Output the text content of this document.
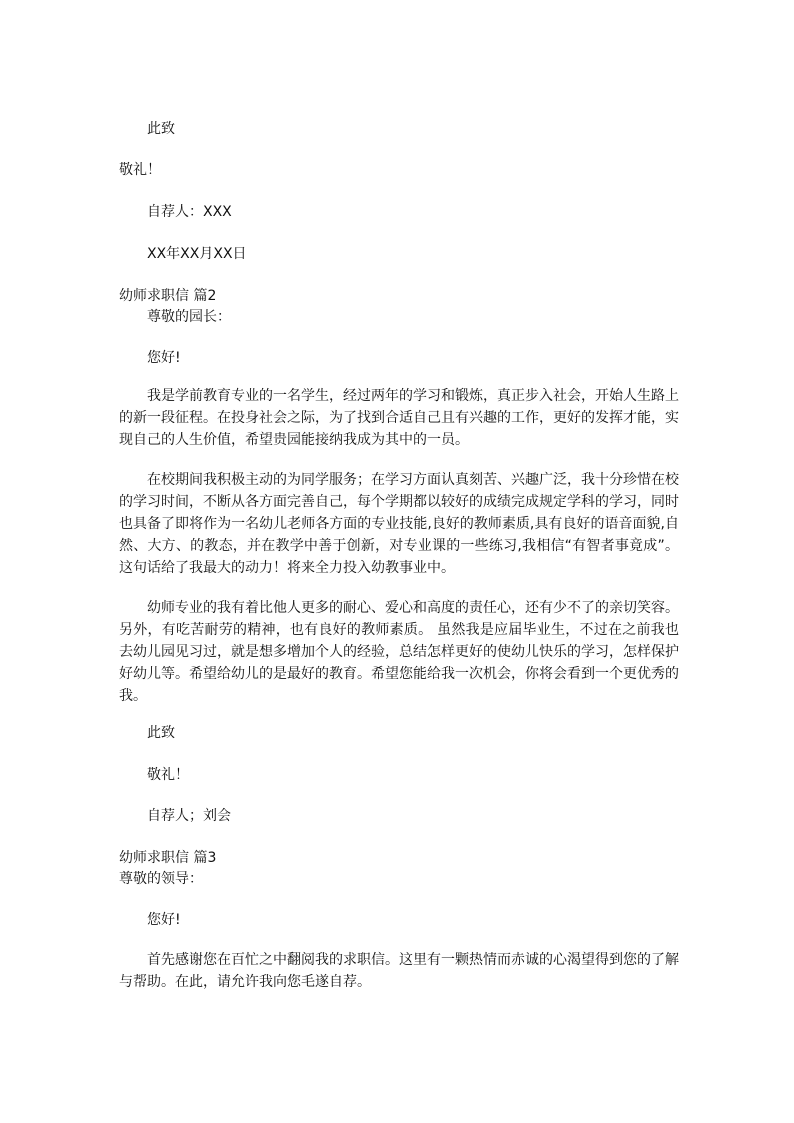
此致
敬礼！
自荐人：XXX
XX年XX月XX日
幼师求职信 篇2
尊敬的园长：
您好!
我是学前教育专业的一名学生，经过两年的学习和锻炼，真正步入社会，开始人生路上的新一段征程。在投身社会之际，为了找到合适自己且有兴趣的工作，更好的发挥才能，实现自己的人生价值，希望贵园能接纳我成为其中的一员。
在校期间我积极主动的为同学服务；在学习方面认真刻苦、兴趣广泛，我十分珍惜在校的学习时间，不断从各方面完善自己，每个学期都以较好的成绩完成规定学科的学习，同时也具备了即将作为一名幼儿老师各方面的专业技能,良好的教师素质,具有良好的语音面貌,自然、大方、的教态，并在教学中善于创新，对专业课的一些练习,我相信“有智者事竟成”。这句话给了我最大的动力！将来全力投入幼教事业中。
幼师专业的我有着比他人更多的耐心、爱心和高度的责任心，还有少不了的亲切笑容。另外，有吃苦耐劳的精神，也有良好的教师素质。 虽然我是应届毕业生，不过在之前我也去幼儿园见习过，就是想多增加个人的经验，总结怎样更好的使幼儿快乐的学习，怎样保护好幼儿等。希望给幼儿的是最好的教育。希望您能给我一次机会，你将会看到一个更优秀的我。
此致
敬礼！
自荐人；刘会
幼师求职信 篇3
尊敬的领导：
您好!
首先感谢您在百忙之中翻阅我的求职信。这里有一颗热情而赤诚的心渴望得到您的了解与帮助。在此，请允许我向您毛遂自荐。
